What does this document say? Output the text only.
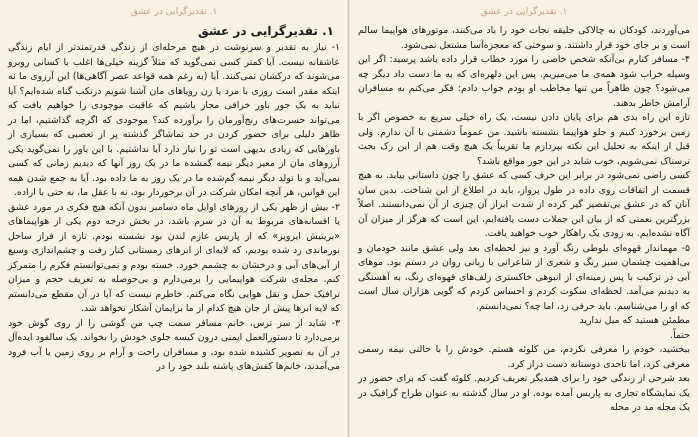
۱. تقدیرگرایی در عشق
۱. تقدیرگرایی در عشق

۱- نیاز به تقدیر و سرنوشت در هیچ مرحله‌ای از زندگی قدرتمندتر از ایام زندگی عاشقانه نیست. آیا کمتر کسی نمی‌گوید که مثلاً گزینه خیلی‌ها اغلب با کسانی روبرو می‌شوند که درکشان نمی‌کنند. آیا (به رغم همه قواعد عصر آگاهی‌ها) این آرزوی ما نه اینکه مقدر است روزی با مرد یا زن رویاهای مان آشنا شویم درتکب گناه شده‌ایم؟ آیا نباید به یک جور باور خرافی مجاز باشیم که عاقبت موجودی را خواهیم یافت که می‌تواند حسرت‌های رنج‌آورمان را برآورده کند؟ موجودی که اگرچه گذاشتیم، اما در ظاهر دلیلی برای حضور کردن در حد تماشاگر گذشته پر از تعصبی که بسیاری از باورهایی که زیادی بدیهی است تو را نیاز دارد آیا نداشتیم. با این باور را نمی‌گوید یکی آرزوهای مان از معبر دیگر نیمه گمشده ما در یک روز آنها که دیدیم زمانی که کسی نمی‌آید و با تولد دیگر نیمه گم‌شده ما در یک روز به ما داده بود. آیا به جمع شدن همه این قوانین، هر آنچه امکان شرکت در آن برخوردار بود، نه با عقل ما، نه حتی با اراده.

۲- بیش از ظهر یکی از روزهای اوایل ماه دسامبر بدون آنکه هیچ فکری در مورد عشق یا افسانه‌های مربوط به آن در سرم باشد، در بخش درجه دوم یکی از هواپیماهای «بریتیش ایرویز» که از پاریس عازم لندن بود نشسته بودم. تازه از فراز ساحل نورماندی رد شده بودیم، که لایه‌ای از ابرهای زمستانی کنار رفت و چشم‌اندازی وسیع از آبی‌های آبی و درخشان به چشمم خورد. خسته بودم و نمی‌توانستم فکرم را متمرکز کنم. مجله‌ی شرکت هواپیمایی را برمی‌دارم و بی‌حوصله به تعریف حجم و میزان ترافیک حمل و نقل هوایی نگاه می‌کنم. خاطرم نیست که آیا در آن مقطع می‌دانستم که لایه ابرها پیش از جان هیچ کدام از ما برایمان آشکار نخواهد شد.

۳- شاید از سر ترس، خانم مسافر سمت چپ من گوشی را از روی گوش خود برمی‌دارد تا دستورالعمل ایمنی درون کیسه جلوی خودش را بخواند. یک سالفود ایده‌آل در آن به تصویر کشیده شده بود، و مسافران راحت و آرام بر روی زمین یا آب فرود می‌آمدند، خانم‌ها کفش‌های پاشنه بلند خود را در

۱. تقدیرگرایی در عشق

می‌آوردند، کودکان به چالاکی جلیقه نجات خود را باد می‌کنند، موتورهای هواپیما سالم است و بر جای خود قرار داشتند. و سوختی که معجزه‌آسا مشتعل نمی‌شود.

۴- مسافر کنارم بی‌آنکه شخص خاصی را مورد خطاب قرار داده باشد پرسید: اگر این وسیله خراب شود همه‌ی ما می‌میریم. پس این دلهره‌ای که به ما دست داد دیگر چه می‌شود؟ چون ظاهراً من تنها مخاطب او بودم جواب دادم: فکر می‌کنم به مسافران آرامش خاطر بدهند.

تازه این راه بدی هم برای پایان دادن نیست، یک راه خیلی سریع به خصوص اگر با زمین برخورد کنیم و جلو هواپیما نشسته باشید. من عموماً دشمنی با آن ندارم. ولی قبل از اینکه به تحلیل این نکته بپردازم ما تقریباً یک هیچ وقت هم از این رک بحث ترسناک نمی‌شویم، خوب شاید در این جور مواقع باشد؟

کسی راضی نمی‌شود در برابر این حرف کسی که عشق را چون داستانی بیابد. به هیچ قسمت از اتفاقات روی داده در طول پرواز، باید در اطلاع از این شناخت. بدین سان آنان که در عشق بی‌تقصیر گیر کرده از شدت ابراز آن چیزی از آن نمی‌دانستند. اصلاً بزرگترین نعمتی که از بیان این جملات دست یافته‌ایم، این است که هرگز از میزان آن آگاه نشده‌ایم. به زودی یک راهکار خوب خواهید یافت.

۵- مهماندار قهوه‌ای بلوطی رنگ آورد و نیز لحظه‌ای بعد ولی عشق مانند خودمان و بی‌اهمیت چشمان سبز رنگ و شعری از شاعرانی با زبانی روان در دستم بود. موهای آبی در ترکیب با پس زمینه‌ای از انبوهی خاکستری زلف‌های قهوه‌ای رنگ، به آهستگی به دیدنم می‌آمد. لحظه‌ای سکوت کردم و احساس کردم که گویی هزاران سال است که او را می‌شناسم. باید حرفی زد، اما چه؟ نمی‌دانستم.

مطمئن هستید که میل ندارید

حتماً.

ببخشید، خودم را معرفی نکردم، من کلوئه هستم. خودش را با حالتی نیمه رسمی معرفی کرد، اما تاحدی دوستانه دست دراز کرد.

بعد شرحی از زندگی خود را برای همدیگر تعریف کردیم. کلوئه گفت که برای حضور در یک نمایشگاه تجاری به پاریس آمده بوده. او در سال گذشته به عنوان طراح گرافیک در یک مجله مد در محله
